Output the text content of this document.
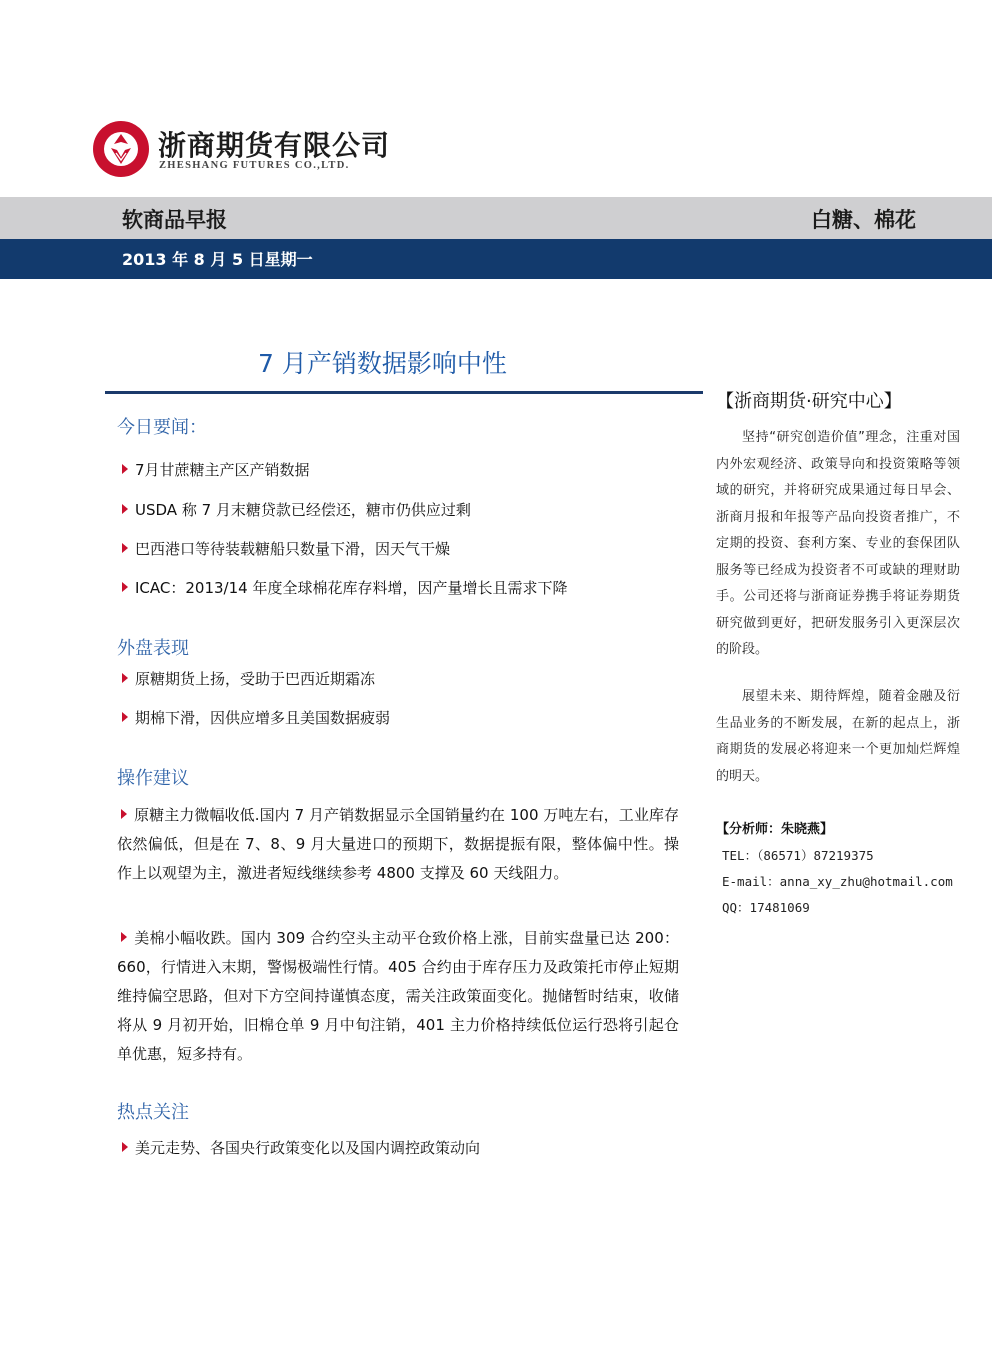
浙商期货有限公司
ZHESHANG FUTURES CO.,LTD.
软商品早报	白糖、棉花
2013 年 8 月 5 日星期一
7 月产销数据影响中性
今日要闻：
7月甘蔗糖主产区产销数据
USDA 称 7 月末糖贷款已经偿还，糖市仍供应过剩
巴西港口等待装载糖船只数量下滑，因天气干燥
ICAC：2013/14 年度全球棉花库存料增，因产量增长且需求下降
外盘表现
原糖期货上扬，受助于巴西近期霜冻
期棉下滑，因供应增多且美国数据疲弱
操作建议
原糖主力微幅收低.国内 7 月产销数据显示全国销量约在 100 万吨左右，工业库存依然偏低，但是在 7、8、9 月大量进口的预期下，数据提振有限，整体偏中性。操作上以观望为主，激进者短线继续参考 4800 支撑及 60 天线阻力。
美棉小幅收跌。国内 309 合约空头主动平仓致价格上涨，目前实盘量已达 200：660，行情进入末期，警惕极端性行情。405 合约由于库存压力及政策托市停止短期维持偏空思路，但对下方空间持谨慎态度，需关注政策面变化。抛储暂时结束，收储将从 9 月初开始，旧棉仓单 9 月中旬注销，401 主力价格持续低位运行恐将引起仓单优惠，短多持有。
热点关注
美元走势、各国央行政策变化以及国内调控政策动向
【浙商期货·研究中心】
坚持“研究创造价值”理念，注重对国内外宏观经济、政策导向和投资策略等领域的研究，并将研究成果通过每日早会、浙商月报和年报等产品向投资者推广，不定期的投资、套利方案、专业的套保团队服务等已经成为投资者不可或缺的理财助手。公司还将与浙商证券携手将证券期货研究做到更好，把研发服务引入更深层次的阶段。
展望未来、期待辉煌，随着金融及衍生品业务的不断发展，在新的起点上，浙商期货的发展必将迎来一个更加灿烂辉煌的明天。
【分析师：朱晓燕】
TEL：（86571）87219375
E-mail：anna_xy_zhu@hotmail.com
QQ：17481069
